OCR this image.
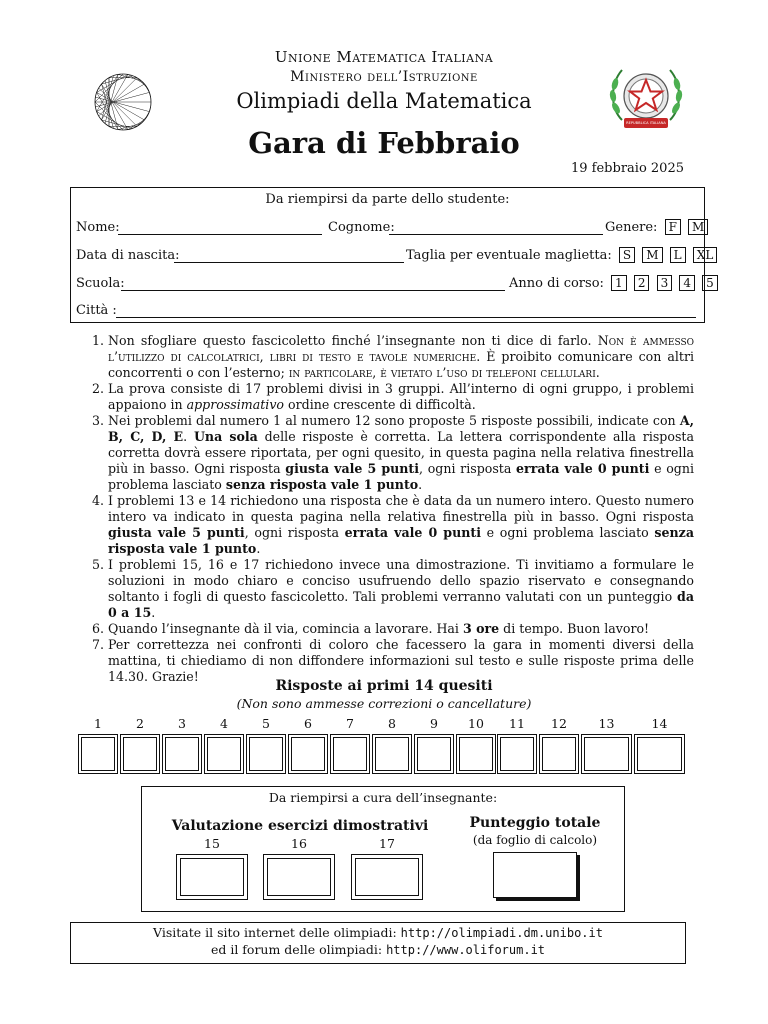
Unione Matematica Italiana
Ministero dell’Istruzione
Olimpiadi della Matematica
Gara di Febbraio
19 febbraio 2025
REPUBBLICA ITALIANA
Da riempirsi da parte dello studente:
Nome:	Cognome:	Genere: F M
Data di nascita:	Taglia per eventuale maglietta: S M L XL
Scuola:	Anno di corso: 1 2 3 4 5
Città :
1. Non sfogliare questo fascicoletto finché l’insegnante non ti dice di farlo. Non è ammesso l’utilizzo di calcolatrici, libri di testo e tavole numeriche. È proibito comunicare con altri concorrenti o con l’esterno; in particolare, è vietato l’uso di telefoni cellulari.
2. La prova consiste di 17 problemi divisi in 3 gruppi. All’interno di ogni gruppo, i problemi appaiono in approssimativo ordine crescente di difficoltà.
3. Nei problemi dal numero 1 al numero 12 sono proposte 5 risposte possibili, indicate con A, B, C, D, E. Una sola delle risposte è corretta. La lettera corrispondente alla risposta corretta dovrà essere riportata, per ogni quesito, in questa pagina nella relativa finestrella più in basso. Ogni risposta giusta vale 5 punti, ogni risposta errata vale 0 punti e ogni problema lasciato senza risposta vale 1 punto.
4. I problemi 13 e 14 richiedono una risposta che è data da un numero intero. Questo numero intero va indicato in questa pagina nella relativa finestrella più in basso. Ogni risposta giusta vale 5 punti, ogni risposta errata vale 0 punti e ogni problema lasciato senza risposta vale 1 punto.
5. I problemi 15, 16 e 17 richiedono invece una dimostrazione. Ti invitiamo a formulare le soluzioni in modo chiaro e conciso usufruendo dello spazio riservato e consegnando soltanto i fogli di questo fascicoletto. Tali problemi verranno valutati con un punteggio da 0 a 15.
6. Quando l’insegnante dà il via, comincia a lavorare. Hai 3 ore di tempo. Buon lavoro!
7. Per correttezza nei confronti di coloro che facessero la gara in momenti diversi della mattina, ti chiediamo di non diffondere informazioni sul testo e sulle risposte prima delle 14.30. Grazie!
Risposte ai primi 14 quesiti
(Non sono ammesse correzioni o cancellature)
1	2	3	4	5	6	7	8	9	10	11	12	13	14
Da riempirsi a cura dell’insegnante:
Valutazione esercizi dimostrativi
15	16	17
Punteggio totale
(da foglio di calcolo)
Visitate il sito internet delle olimpiadi: http://olimpiadi.dm.unibo.it
ed il forum delle olimpiadi: http://www.oliforum.it
